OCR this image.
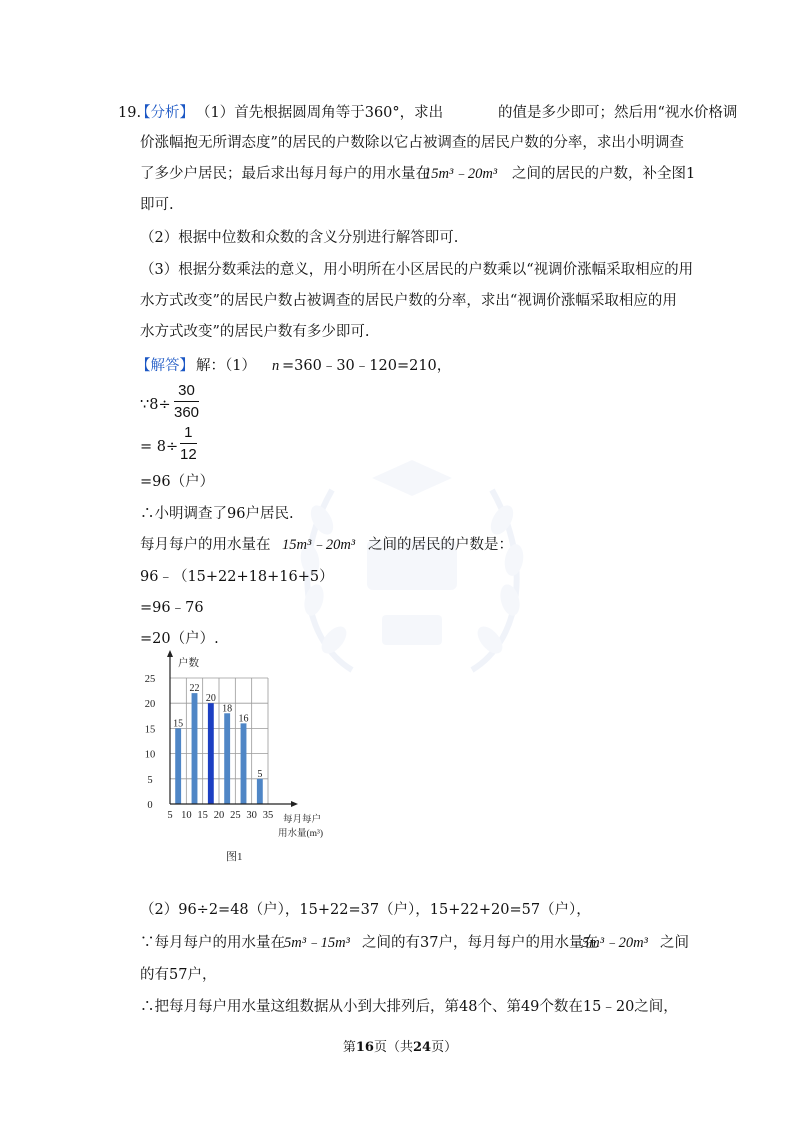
19.
【分析】 （1）首先根据圆周角等于360°，求出	的值是多少即可；然后用“视水价格调
价涨幅抱无所谓态度”的居民的户数除以它占被调查的居民户数的分率，求出小明调查
了多少户居民；最后求出每月每户的用水量在
15m³﹣20m³ 之间的居民的户数，补全图1
即可.
（2）根据中位数和众数的含义分别进行解答即可.
（3）根据分数乘法的意义，用小明所在小区居民的户数乘以“视调价涨幅采取相应的用
水方式改变”的居民户数占被调查的居民户数的分率，求出“视调价涨幅采取相应的用
水方式改变”的居民户数有多少即可.
【解答】 解：（1） n =360﹣30﹣120=210，
∵8÷ $\frac{30}{360}$
= $8\div \frac{1}{12}$
=96（户）
∴小明调查了96户居民.
每月每户的用水量在 15m³﹣20m³ 之间的居民的户数是：
96﹣（15+22+18+16+5）
=96﹣76
=20（户）.
15
22
20
18
16
5
5 10 15 20 25 30 35
0
5
10
15
20
25
户数
每月每户
用水量(m³)
图1
（2）96÷2=48（户），15+22=37（户），15+22+20=57（户），
∵每月每户的用水量在 5m³﹣15m³ 之间的有37户，每月每户的用水量在
5m³﹣20m³ 之间
的有57户，
∴把每月每户用水量这组数据从小到大排列后，第48个、第49个数在15﹣20之间，
第16页（共24页）
